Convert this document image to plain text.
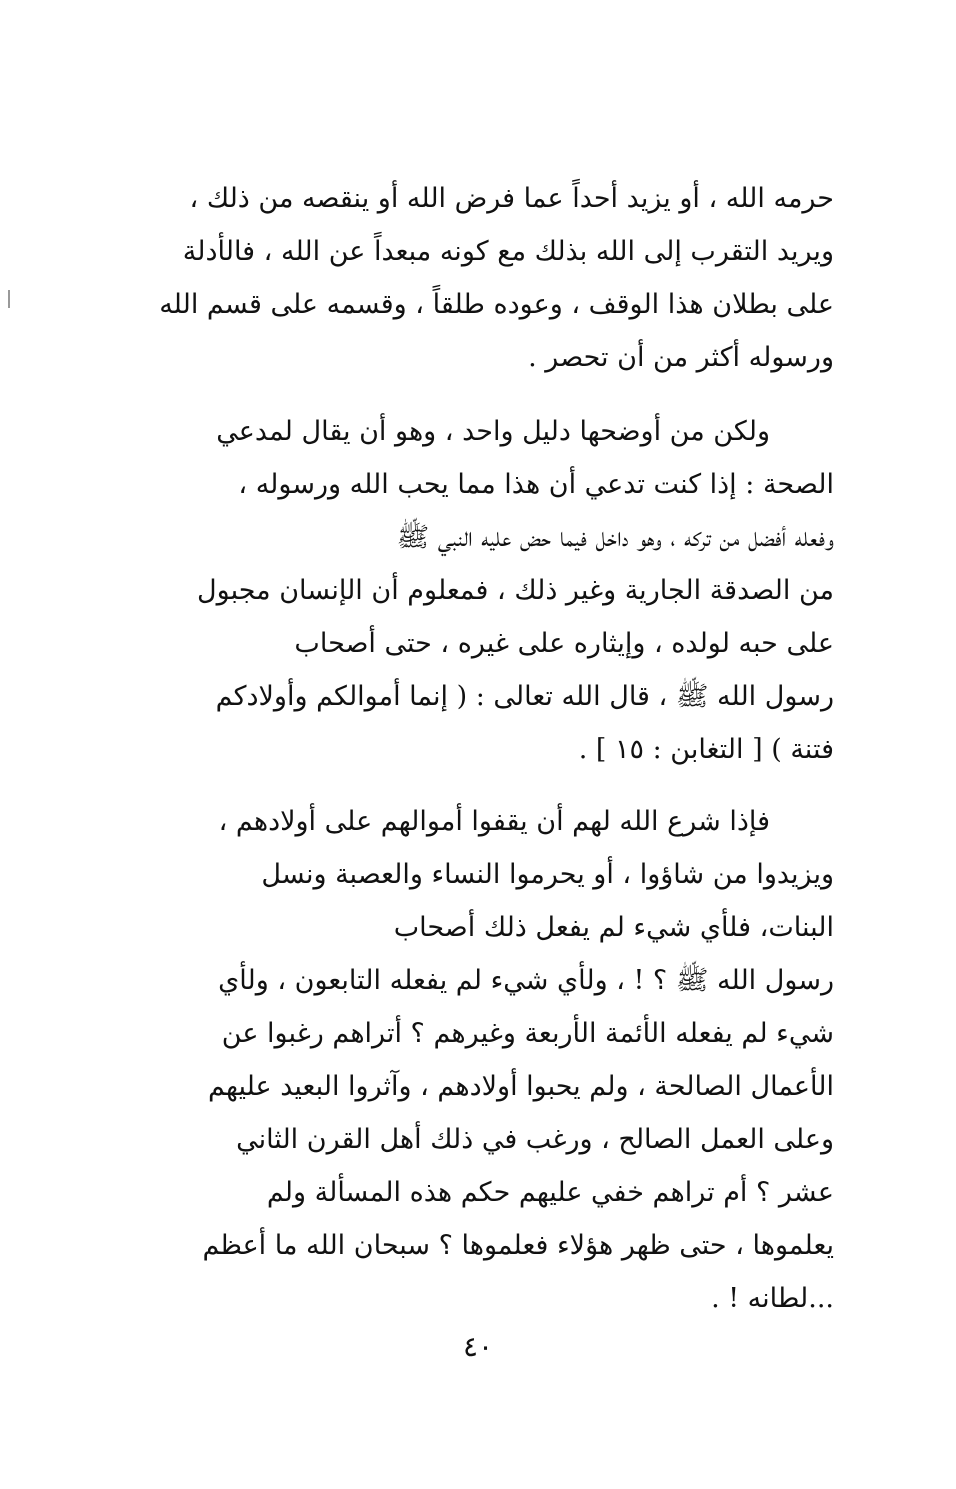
حرمه الله ، أو يزيد أحداً عما فرض الله أو ينقصه من ذلك ،
ويريد التقرب إلى الله بذلك مع كونه مبعداً عن الله ، فالأدلة
على بطلان هذا الوقف ، وعوده طلقاً ، وقسمه على قسم الله
ورسوله أكثر من أن تحصر .
ولكن من أوضحها دليل واحد ، وهو أن يقال لمدعي
الصحة : إذا كنت تدعي أن هذا مما يحب الله ورسوله ،
وفعله أفضل من تركه ، وهو داخل فيما حض عليه النبي ﷺ
من الصدقة الجارية وغير ذلك ، فمعلوم أن الإنسان مجبول
على حبه لولده ، وإيثاره على غيره ، حتى أصحاب
رسول الله ﷺ ، قال الله تعالى : ( إنما أموالكم وأولادكم
فتنة ) [ التغابن : ١٥ ] .
فإذا شرع الله لهم أن يقفوا أموالهم على أولادهم ،
ويزيدوا من شاؤوا ، أو يحرموا النساء والعصبة ونسل
البنات، فلأي شيء لم يفعل ذلك أصحاب
رسول الله ﷺ ؟ ! ، ولأي شيء لم يفعله التابعون ، ولأي
شيء لم يفعله الأئمة الأربعة وغيرهم ؟ أتراهم رغبوا عن
الأعمال الصالحة ، ولم يحبوا أولادهم ، وآثروا البعيد عليهم
وعلى العمل الصالح ، ورغب في ذلك أهل القرن الثاني
عشر ؟ أم تراهم خفي عليهم حكم هذه المسألة ولم
يعلموها ، حتى ظهر هؤلاء فعلموها ؟ سبحان الله ما أعظم
...لطانه ! .
٤٠
